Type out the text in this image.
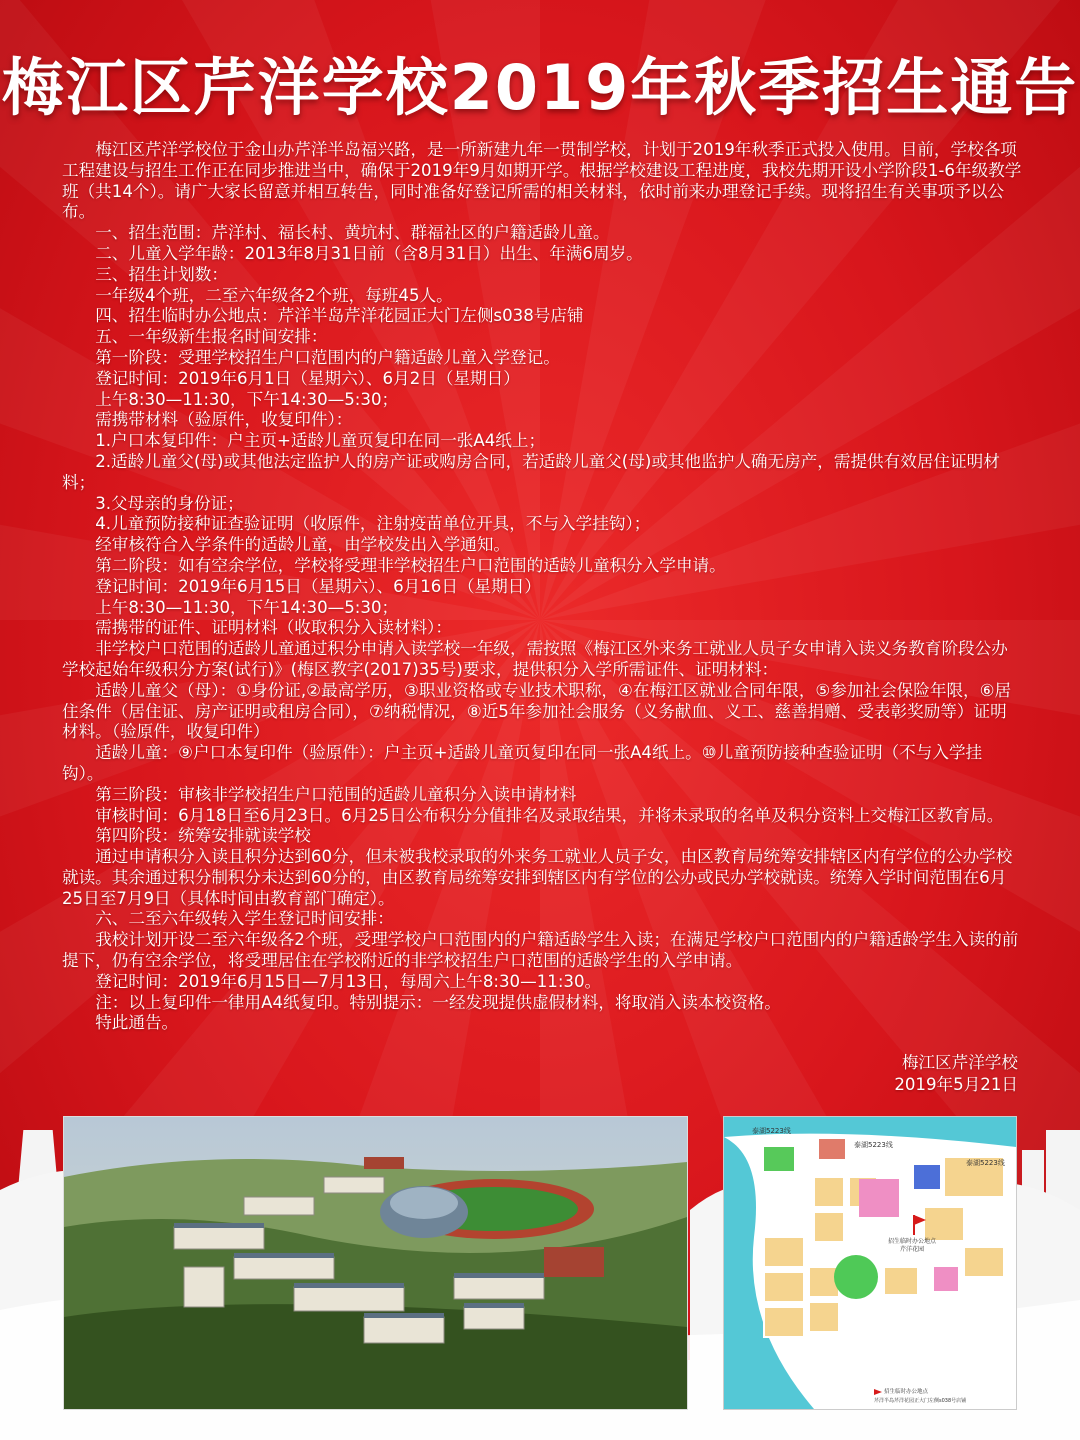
梅江区芹洋学校2019年秋季招生通告

梅江区芹洋学校位于金山办芹洋半岛福兴路，是一所新建九年一贯制学校，计划于2019年秋季正式投入使用。目前，学校各项工程建设与招生工作正在同步推进当中，确保于2019年9月如期开学。根据学校建设工程进度，我校先期开设小学阶段1-6年级教学班（共14个）。请广大家长留意并相互转告，同时准备好登记所需的相关材料，依时前来办理登记手续。现将招生有关事项予以公布。

一、招生范围：芹洋村、福长村、黄坑村、群福社区的户籍适龄儿童。

二、儿童入学年龄：2013年8月31日前（含8月31日）出生、年满6周岁。

三、招生计划数：

一年级4个班，二至六年级各2个班，每班45人。

四、招生临时办公地点：芹洋半岛芹洋花园正大门左侧s038号店铺

五、一年级新生报名时间安排：

第一阶段：受理学校招生户口范围内的户籍适龄儿童入学登记。

登记时间：2019年6月1日（星期六）、6月2日（星期日）

上午8:30—11:30，下午14:30—5:30；

需携带材料（验原件，收复印件）：

1.户口本复印件：户主页+适龄儿童页复印在同一张A4纸上；

2.适龄儿童父(母)或其他法定监护人的房产证或购房合同，若适龄儿童父(母)或其他监护人确无房产，需提供有效居住证明材料；

3.父母亲的身份证；

4.儿童预防接种证查验证明（收原件，注射疫苗单位开具，不与入学挂钩）；

经审核符合入学条件的适龄儿童，由学校发出入学通知。

第二阶段：如有空余学位，学校将受理非学校招生户口范围的适龄儿童积分入学申请。

登记时间：2019年6月15日（星期六）、6月16日（星期日）

上午8:30—11:30，下午14:30—5:30；

需携带的证件、证明材料（收取积分入读材料）：

非学校户口范围的适龄儿童通过积分申请入读学校一年级，需按照《梅江区外来务工就业人员子女申请入读义务教育阶段公办学校起始年级积分方案(试行)》(梅区教字(2017)35号)要求，提供积分入学所需证件、证明材料：

适龄儿童父（母）：①身份证,②最高学历，③职业资格或专业技术职称，④在梅江区就业合同年限，⑤参加社会保险年限，⑥居住条件（居住证、房产证明或租房合同），⑦纳税情况，⑧近5年参加社会服务（义务献血、义工、慈善捐赠、受表彰奖励等）证明材料。（验原件，收复印件）

适龄儿童：⑨户口本复印件（验原件）：户主页+适龄儿童页复印在同一张A4纸上。⑩儿童预防接种查验证明（不与入学挂钩）。

第三阶段：审核非学校招生户口范围的适龄儿童积分入读申请材料

审核时间：6月18日至6月23日。6月25日公布积分分值排名及录取结果，并将未录取的名单及积分资料上交梅江区教育局。

第四阶段：统筹安排就读学校

通过申请积分入读且积分达到60分，但未被我校录取的外来务工就业人员子女，由区教育局统筹安排辖区内有学位的公办学校就读。其余通过积分制积分未达到60分的，由区教育局统筹安排到辖区内有学位的公办或民办学校就读。统筹入学时间范围在6月25日至7月9日（具体时间由教育部门确定）。

六、二至六年级转入学生登记时间安排：

我校计划开设二至六年级各2个班，受理学校户口范围内的户籍适龄学生入读；在满足学校户口范围内的户籍适龄学生入读的前提下，仍有空余学位，将受理居住在学校附近的非学校招生户口范围的适龄学生的入学申请。

登记时间：2019年6月15日—7月13日，每周六上午8:30—11:30。

注：以上复印件一律用A4纸复印。特别提示：一经发现提供虚假材料，将取消入读本校资格。

特此通告。

梅江区芹洋学校
2019年5月21日
泰湖5223线
泰湖5223线
泰湖5223线
招生临时办公地点
芹洋花园
招生临时办公地点
芹洋半岛芹洋花园正大门左侧s038号店铺
